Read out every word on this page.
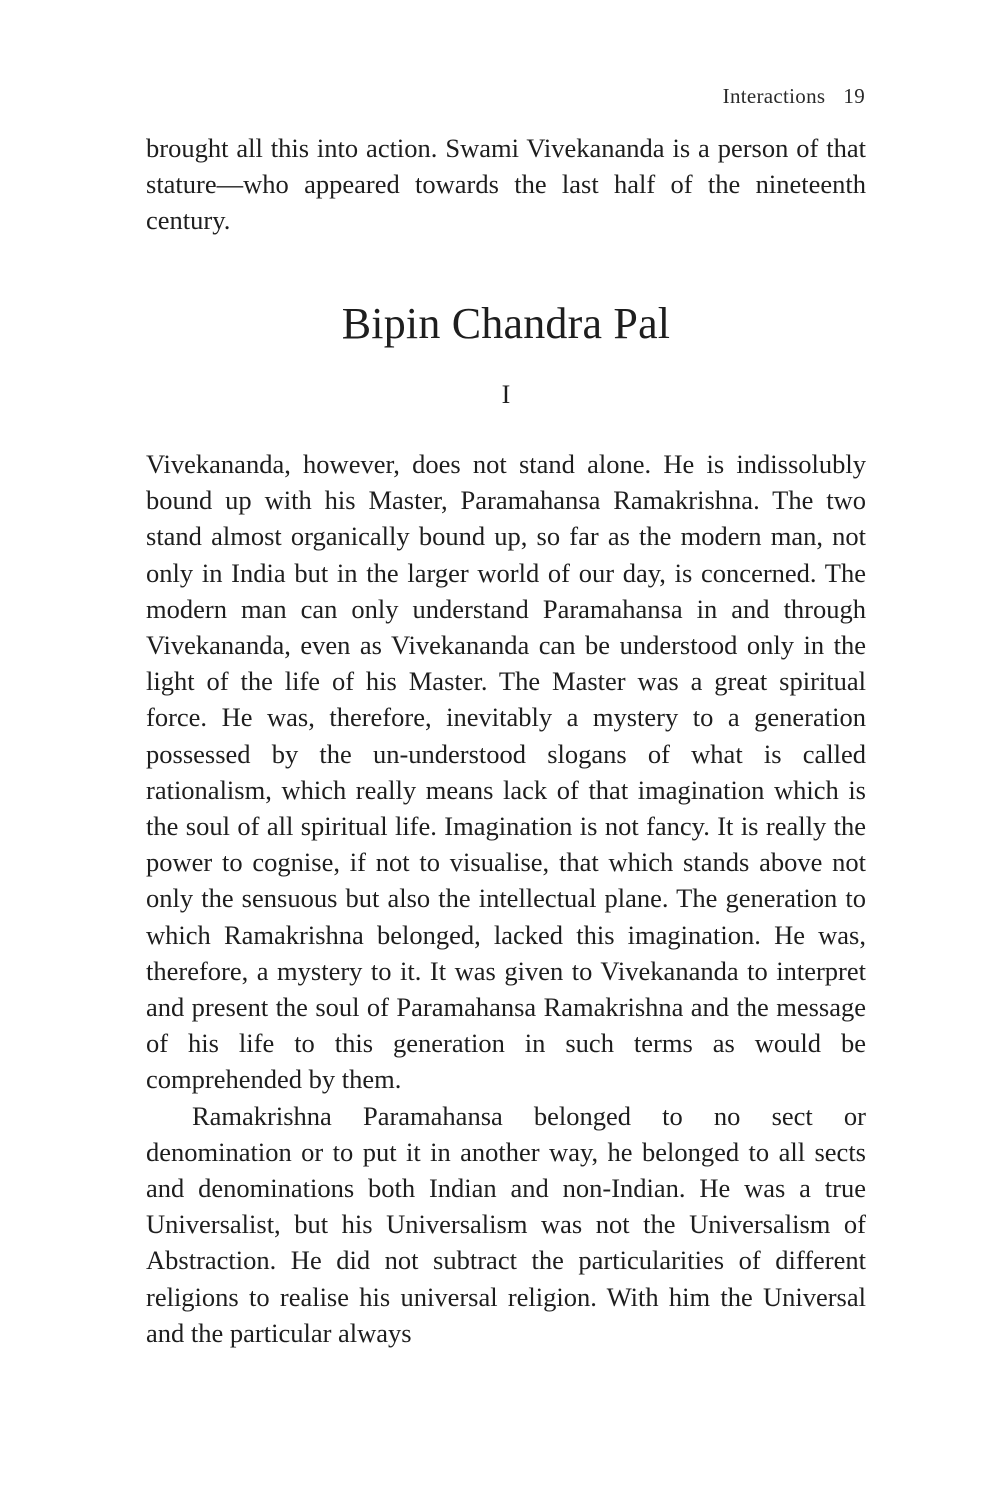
Interactions 19

brought all this into action. Swami Vivekananda is a person of that stature—who appeared towards the last half of the nineteenth century.

Bipin Chandra Pal
I

Vivekananda, however, does not stand alone. He is indissolubly bound up with his Master, Paramahansa Ramakrishna. The two stand almost organically bound up, so far as the modern man, not only in India but in the larger world of our day, is concerned. The modern man can only understand Paramahansa in and through Vivekananda, even as Vivekananda can be understood only in the light of the life of his Master. The Master was a great spiritual force. He was, therefore, inevitably a mystery to a generation possessed by the un-understood slogans of what is called rationalism, which really means lack of that imagination which is the soul of all spiritual life. Imagination is not fancy. It is really the power to cognise, if not to visualise, that which stands above not only the sensuous but also the intellectual plane. The generation to which Ramakrishna belonged, lacked this imagination. He was, therefore, a mystery to it. It was given to Vivekananda to interpret and present the soul of Paramahansa Ramakrishna and the message of his life to this generation in such terms as would be comprehended by them.

Ramakrishna Paramahansa belonged to no sect or denomination or to put it in another way, he belonged to all sects and denominations both Indian and non-Indian. He was a true Universalist, but his Universalism was not the Universalism of Abstraction. He did not subtract the particularities of different religions to realise his universal religion. With him the Universal and the particular always
